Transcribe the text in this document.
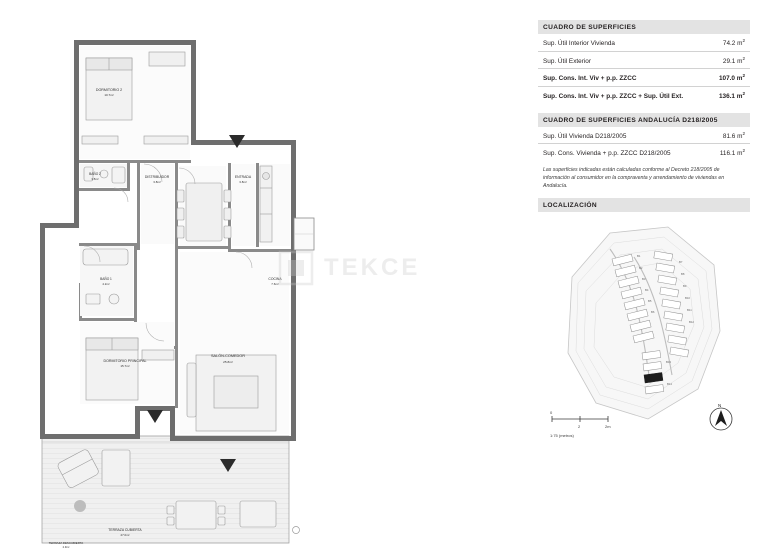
DORMITORIO 2
10.7m²
BAÑO 2
3.5m²	DISTRIBUIDOR
3.8m²
ENTRADA
3.8m²
BAÑO 1
4.2m²
COCINA
7.6m²
DORMITORIO PRINCIPAL
15.7m²
SALÓN-COMEDOR
25.8m²
TERRAZA CUBIERTA
27.0m²
TERRAZA DESCUBIERTA
2.9m²
TEKCE
CUADRO DE SUPERFICIES
Sup. Útil Interior Vivienda	74.2 $m^2$
Sup. Útil Exterior	29.1 $m^2$
Sup. Cons. Int. Viv + p.p. ZZCC	107.0 $m^2$
Sup. Cons. Int. Viv + p.p. ZZCC + Sup. Útil Ext.	136.1 $m^2$
CUADRO DE SUPERFICIES ANDALUCÍA D218/2005
Sup. Útil Vivienda D218/2005	81.6 $m^2$
Sup. Cons. Vivienda + p.p. ZZCC D218/2005	116.1 $m^2$
Las superficies indicadas están calculadas conforme al Decreto 218/2005 de información al consumidor en la compraventa y arrendamiento de viviendas en Andalucía.
LOCALIZACIÓN
B1
B2
B3
B4
B5
B6
B7
B8
B9
B10
B11
B12
B13
B14
0
2	2m
1:75 (metros)
N
